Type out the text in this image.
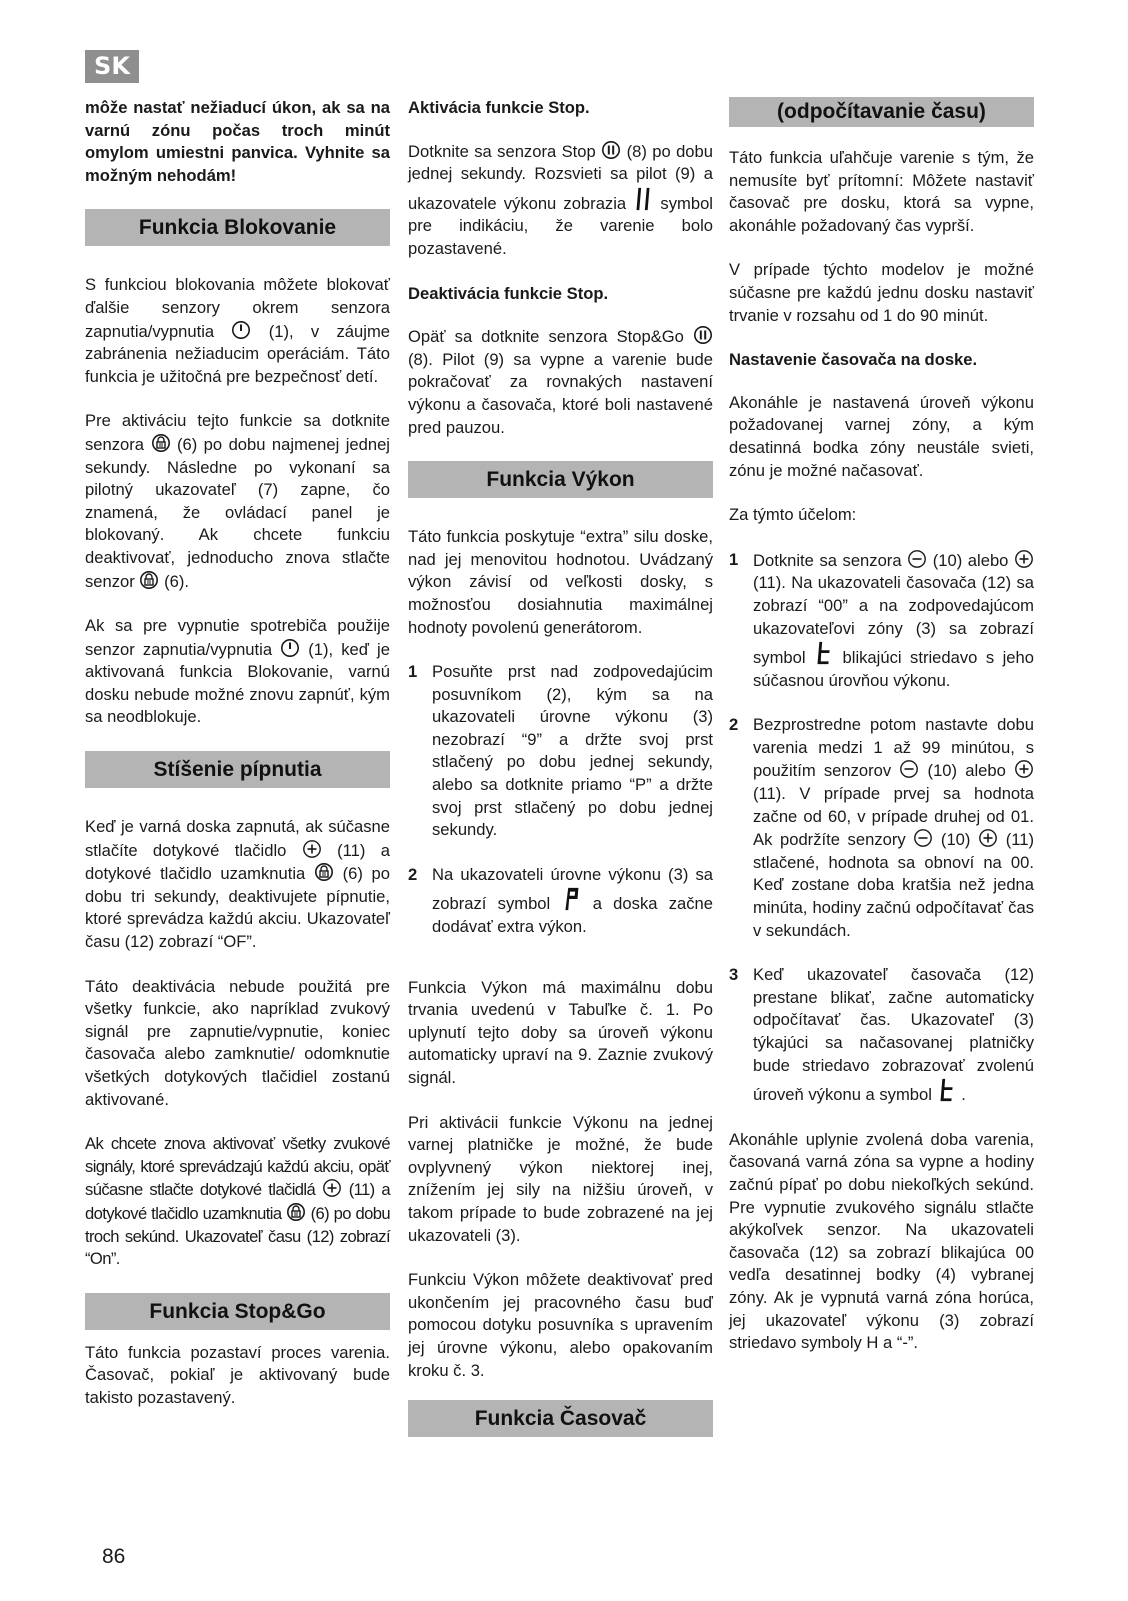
SK

môže nastať nežiaducí úkon, ak sa na varnú zónu počas troch minút omylom umiestni panvica. Vyhnite sa možným nehodám!

Funkcia Blokovanie

S funkciou blokovania môžete blokovať ďalšie senzory okrem senzora zapnutia/vypnutia	(1), v záujme zabránenia nežiaducim operáciám. Táto funkcia je užitočná pre bezpečnosť detí.

Pre aktiváciu tejto funkcie sa dotknite senzora (6) po dobu najmenej jednej sekundy. Následne po vykonaní sa pilotný ukazovateľ (7) zapne, čo znamená, že ovládací panel je blokovaný. Ak chcete funkciu deaktivovať, jednoducho znova stlačte senzor (6).

Ak sa pre vypnutie spotrebiča použije senzor zapnutia/vypnutia (1), keď je aktivovaná funkcia Blokovanie, varnú dosku nebude možné znovu zapnúť, kým sa neodblokuje.

Stíšenie pípnutia

Keď je varná doska zapnutá, ak súčasne stlačíte dotykové tlačidlo	(11) a dotykové tlačidlo uzamknutia (6) po dobu tri sekundy, deaktivujete pípnutie, ktoré sprevádza každú akciu. Ukazovateľ času (12) zobrazí “OF”.

Táto deaktivácia nebude použitá pre všetky funkcie, ako napríklad zvukový signál pre zapnutie/vypnutie, koniec časovača alebo zamknutie/ odomknutie všetkých dotykových tlačidiel zostanú aktivované.

Ak chcete znova aktivovať všetky zvukové signály, ktoré sprevádzajú každú akciu, opäť súčasne stlačte dotykové tlačidlá (11) a dotykové tlačidlo uzamknutia (6) po dobu troch sekúnd. Ukazovateľ času (12) zobrazí “On”.

Funkcia Stop&Go

Táto funkcia pozastaví proces varenia. Časovač, pokiaľ je aktivovaný bude takisto pozastavený.

Aktivácia funkcie Stop.

Dotknite sa senzora Stop (8) po dobu jednej sekundy. Rozsvieti sa pilot (9) a ukazovatele výkonu zobrazia symbol pre indikáciu, že varenie bolo pozastavené.

Deaktivácia funkcie Stop.

Opäť sa dotknite senzora Stop&Go  (8). Pilot (9) sa vypne a varenie bude pokračovať za rovnakých nastavení výkonu a časovača, ktoré boli nastavené pred pauzou.

Funkcia Výkon

Táto funkcia poskytuje “extra” silu doske, nad jej menovitou hodnotou. Uvádzaný výkon závisí od veľkosti dosky, s možnosťou dosiahnutia maximálnej hodnoty povolenú generátorom.

1 Posuňte prst nad zodpovedajúcim posuvníkom (2), kým sa na ukazovateli úrovne výkonu (3) nezobrazí “9” a držte svoj prst stlačený po dobu jednej sekundy, alebo sa dotknite priamo “P” a držte svoj prst stlačený po dobu jednej sekundy.
2 Na ukazovateli úrovne výkonu (3) sa zobrazí symbol	a doska začne dodávať extra výkon.

Funkcia Výkon má maximálnu dobu trvania uvedenú v Tabuľke č. 1. Po uplynutí tejto doby sa úroveň výkonu automaticky upraví na 9. Zaznie zvukový signál.

Pri aktivácii funkcie Výkonu na jednej varnej platničke je možné, že bude ovplyvnený výkon niektorej inej, znížením jej sily na nižšiu úroveň, v takom prípade to bude zobrazené na jej ukazovateli (3).

Funkciu Výkon môžete deaktivovať pred ukončením jej pracovného času buď pomocou dotyku posuvníka s upravením jej úrovne výkonu, alebo opakovaním kroku č. 3.

Funkcia Časovač
(odpočítavanie času)

Táto funkcia uľahčuje varenie s tým, že nemusíte byť prítomní: Môžete nastaviť časovač pre dosku, ktorá sa vypne, akonáhle požadovaný čas vyprší.

V prípade týchto modelov je možné súčasne pre každú jednu dosku nastaviť trvanie v rozsahu od 1 do 90 minút.

Nastavenie časovača na doske.

Akonáhle je nastavená úroveň výkonu požadovanej varnej zóny, a kým desatinná bodka zóny neustále svieti, zónu je možné načasovať.

Za týmto účelom:

1 Dotknite sa senzora (10) alebo  (11). Na ukazovateli časovača (12) sa zobrazí “00” a na zodpovedajúcom ukazovateľovi zóny (3) sa zobrazí symbol blikajúci striedavo s jeho súčasnou úrovňou výkonu.
2 Bezprostredne potom nastavte dobu varenia medzi 1 až 99 minútou, s použitím senzorov (10) alebo  (11). V prípade prvej sa hodnota začne od 60, v prípade druhej od 01. Ak podržíte senzory (10) (11) stlačené, hodnota sa obnoví na 00. Keď zostane doba kratšia než jedna minúta, hodiny začnú odpočítavať čas v sekundách.
3 Keď ukazovateľ časovača (12) prestane blikať, začne automaticky odpočítavať čas. Ukazovateľ (3) týkajúci sa načasovanej platničky bude striedavo zobrazovať zvolenú úroveň výkonu a symbol .

Akonáhle uplynie zvolená doba varenia, časovaná varná zóna sa vypne a hodiny začnú pípať po dobu niekoľkých sekúnd. Pre vypnutie zvukového signálu stlačte akýkoľvek senzor. Na ukazovateli časovača (12) sa zobrazí blikajúca 00 vedľa desatinnej bodky (4) vybranej zóny. Ak je vypnutá varná zóna horúca, jej ukazovateľ výkonu (3) zobrazí striedavo symboly H a “-”.

86
